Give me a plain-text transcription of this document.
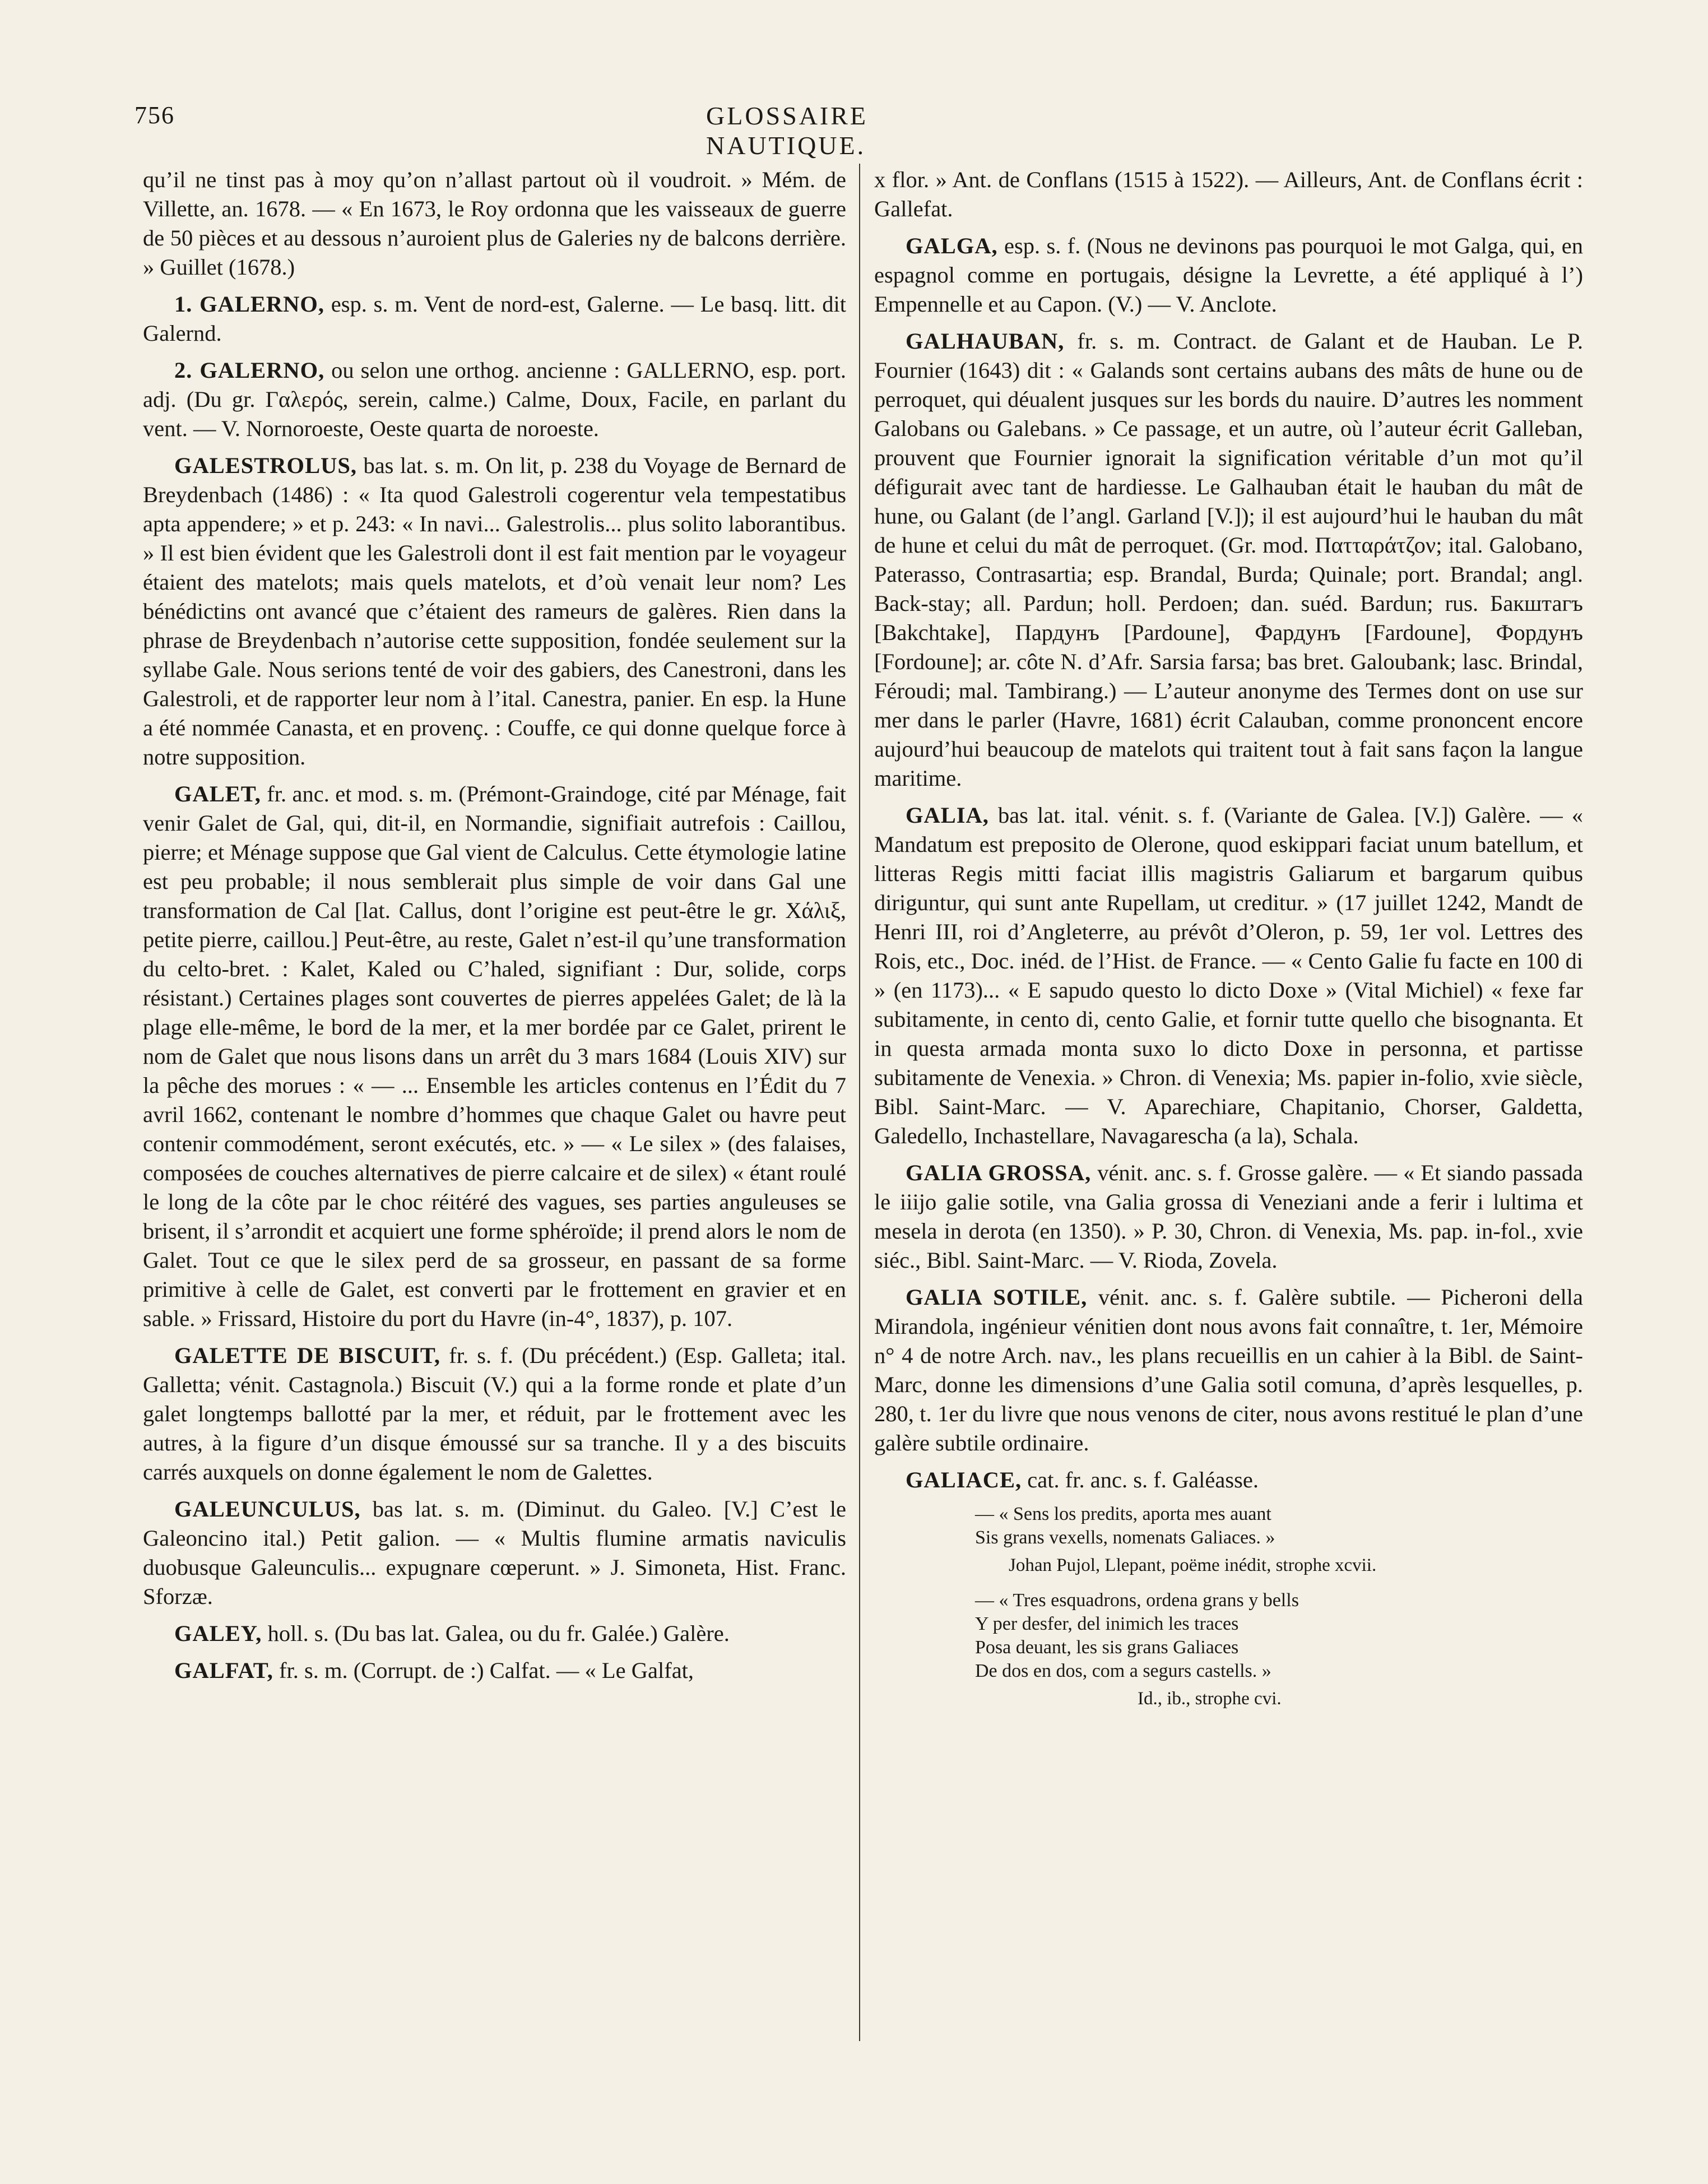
756	GLOSSAIRE NAUTIQUE.

qu’il ne tinst pas à moy qu’on n’allast partout où il voudroit. » Mém. de Villette, an. 1678. — « En 1673, le Roy ordonna que les vaisseaux de guerre de 50 pièces et au dessous n’auroient plus de Galeries ny de balcons derrière. » Guillet (1678.)

1. GALERNO, esp. s. m. Vent de nord-est, Galerne. — Le basq. litt. dit Galernd.

2. GALERNO, ou selon une orthog. ancienne : GALLERNO, esp. port. adj. (Du gr. Γαλερός, serein, calme.) Calme, Doux, Facile, en parlant du vent. — V. Nornoroeste, Oeste quarta de noroeste.

GALESTROLUS, bas lat. s. m. On lit, p. 238 du Voyage de Bernard de Breydenbach (1486) : « Ita quod Galestroli cogerentur vela tempestatibus apta appendere; » et p. 243: « In navi... Galestrolis... plus solito laborantibus. » Il est bien évident que les Galestroli dont il est fait mention par le voyageur étaient des matelots; mais quels matelots, et d’où venait leur nom? Les bénédictins ont avancé que c’étaient des rameurs de galères. Rien dans la phrase de Breydenbach n’autorise cette supposition, fondée seulement sur la syllabe Gale. Nous serions tenté de voir des gabiers, des Canestroni, dans les Galestroli, et de rapporter leur nom à l’ital. Canestra, panier. En esp. la Hune a été nommée Canasta, et en provenç. : Couffe, ce qui donne quelque force à notre supposition.

GALET, fr. anc. et mod. s. m. (Prémont-Graindoge, cité par Ménage, fait venir Galet de Gal, qui, dit-il, en Normandie, signifiait autrefois : Caillou, pierre; et Ménage suppose que Gal vient de Calculus. Cette étymologie latine est peu probable; il nous semblerait plus simple de voir dans Gal une transformation de Cal [lat. Callus, dont l’origine est peut-être le gr. Χάλιξ, petite pierre, caillou.] Peut-être, au reste, Galet n’est-il qu’une transformation du celto-bret. : Kalet, Kaled ou C’haled, signifiant : Dur, solide, corps résistant.) Certaines plages sont couvertes de pierres appelées Galet; de là la plage elle-même, le bord de la mer, et la mer bordée par ce Galet, prirent le nom de Galet que nous lisons dans un arrêt du 3 mars 1684 (Louis XIV) sur la pêche des morues : « — ... Ensemble les articles contenus en l’Édit du 7 avril 1662, contenant le nombre d’hommes que chaque Galet ou havre peut contenir commodément, seront exécutés, etc. » — « Le silex » (des falaises, composées de couches alternatives de pierre calcaire et de silex) « étant roulé le long de la côte par le choc réitéré des vagues, ses parties anguleuses se brisent, il s’arrondit et acquiert une forme sphéroïde; il prend alors le nom de Galet. Tout ce que le silex perd de sa grosseur, en passant de sa forme primitive à celle de Galet, est converti par le frottement en gravier et en sable. » Frissard, Histoire du port du Havre (in-4°, 1837), p. 107.

GALETTE DE BISCUIT, fr. s. f. (Du précédent.) (Esp. Galleta; ital. Galletta; vénit. Castagnola.) Biscuit (V.) qui a la forme ronde et plate d’un galet longtemps ballotté par la mer, et réduit, par le frottement avec les autres, à la figure d’un disque émoussé sur sa tranche. Il y a des biscuits carrés auxquels on donne également le nom de Galettes.

GALEUNCULUS, bas lat. s. m. (Diminut. du Galeo. [V.] C’est le Galeoncino ital.) Petit galion. — « Multis flumine armatis naviculis duobusque Galeunculis... expugnare cœperunt. » J. Simoneta, Hist. Franc. Sforzæ.

GALEY, holl. s. (Du bas lat. Galea, ou du fr. Galée.) Galère.

GALFAT, fr. s. m. (Corrupt. de :) Calfat. — « Le Galfat,

x flor. » Ant. de Conflans (1515 à 1522). — Ailleurs, Ant. de Conflans écrit : Gallefat.

GALGA, esp. s. f. (Nous ne devinons pas pourquoi le mot Galga, qui, en espagnol comme en portugais, désigne la Levrette, a été appliqué à l’) Empennelle et au Capon. (V.) — V. Anclote.

GALHAUBAN, fr. s. m. Contract. de Galant et de Hauban. Le P. Fournier (1643) dit : « Galands sont certains aubans des mâts de hune ou de perroquet, qui déualent jusques sur les bords du nauire. D’autres les nomment Galobans ou Galebans. » Ce passage, et un autre, où l’auteur écrit Galleban, prouvent que Fournier ignorait la signification véritable d’un mot qu’il défigurait avec tant de hardiesse. Le Galhauban était le hauban du mât de hune, ou Galant (de l’angl. Garland [V.]); il est aujourd’hui le hauban du mât de hune et celui du mât de perroquet. (Gr. mod. Πατταράτζον; ital. Galobano, Paterasso, Contrasartia; esp. Brandal, Burda; Quinale; port. Brandal; angl. Back-stay; all. Pardun; holl. Perdoen; dan. suéd. Bardun; rus. Бакштагъ [Bakchtake], Пардунъ [Pardoune], Фардунъ [Fardoune], Фордунъ [Fordoune]; ar. côte N. d’Afr. Sarsia farsa; bas bret. Galoubank; lasc. Brindal, Féroudi; mal. Tambirang.) — L’auteur anonyme des Termes dont on use sur mer dans le parler (Havre, 1681) écrit Calauban, comme prononcent encore aujourd’hui beaucoup de matelots qui traitent tout à fait sans façon la langue maritime.

GALIA, bas lat. ital. vénit. s. f. (Variante de Galea. [V.]) Galère. — « Mandatum est preposito de Olerone, quod eskippari faciat unum batellum, et litteras Regis mitti faciat illis magistris Galiarum et bargarum quibus diriguntur, qui sunt ante Rupellam, ut creditur. » (17 juillet 1242, Mandt de Henri III, roi d’Angleterre, au prévôt d’Oleron, p. 59, 1er vol. Lettres des Rois, etc., Doc. inéd. de l’Hist. de France. — « Cento Galie fu facte en 100 di » (en 1173)... « E sapudo questo lo dicto Doxe » (Vital Michiel) « fexe far subitamente, in cento di, cento Galie, et fornir tutte quello che bisognanta. Et in questa armada monta suxo lo dicto Doxe in personna, et partisse subitamente de Venexia. » Chron. di Venexia; Ms. papier in-folio, xvie siècle, Bibl. Saint-Marc. — V. Aparechiare, Chapitanio, Chorser, Galdetta, Galedello, Inchastellare, Navagarescha (a la), Schala.

GALIA GROSSA, vénit. anc. s. f. Grosse galère. — « Et siando passada le iiijo galie sotile, vna Galia grossa di Veneziani ande a ferir i lultima et mesela in derota (en 1350). » P. 30, Chron. di Venexia, Ms. pap. in-fol., xvie siéc., Bibl. Saint-Marc. — V. Rioda, Zovela.

GALIA SOTILE, vénit. anc. s. f. Galère subtile. — Picheroni della Mirandola, ingénieur vénitien dont nous avons fait connaître, t. 1er, Mémoire n° 4 de notre Arch. nav., les plans recueillis en un cahier à la Bibl. de Saint-Marc, donne les dimensions d’une Galia sotil comuna, d’après lesquelles, p. 280, t. 1er du livre que nous venons de citer, nous avons restitué le plan d’une galère subtile ordinaire.

GALIACE, cat. fr. anc. s. f. Galéasse.

— « Sens los predits, aporta mes auant
Sis grans vexells, nomenats Galiaces. »
Johan Pujol, Llepant, poëme inédit, strophe xcvii.
— « Tres esquadrons, ordena grans y bells
Y per desfer, del inimich les traces
Posa deuant, les sis grans Galiaces
De dos en dos, com a segurs castells. »
Id., ib., strophe cvi.
